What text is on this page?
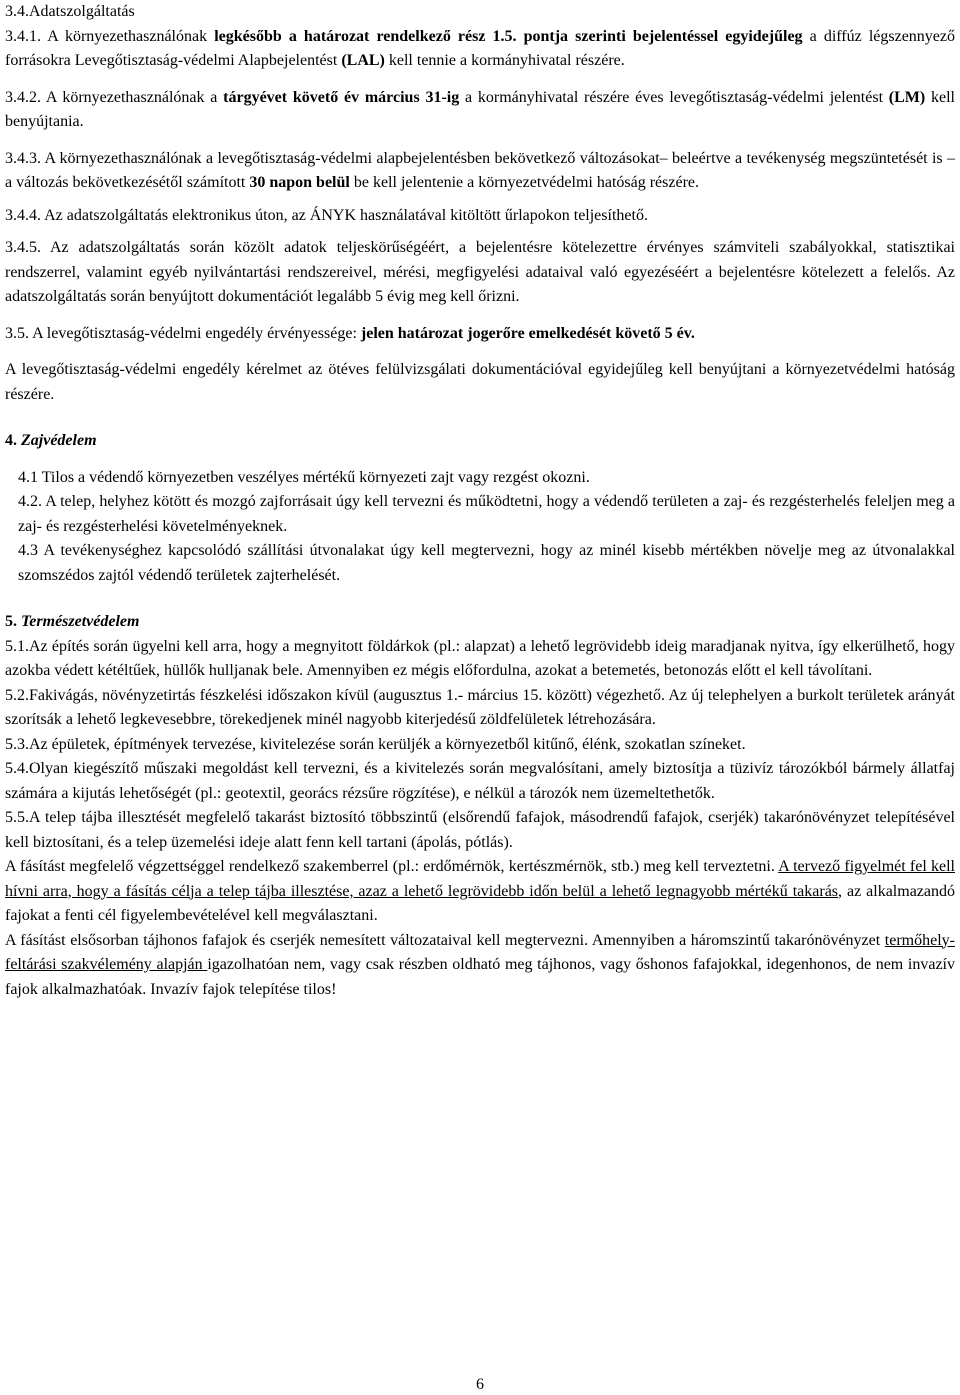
3.4.Adatszolgáltatás

3.4.1. A környezethasználónak legkésőbb a határozat rendelkező rész 1.5. pontja szerinti bejelentéssel egyidejűleg a diffúz légszennyező forrásokra Levegőtisztaság-védelmi Alapbejelentést (LAL) kell tennie a kormányhivatal részére.

3.4.2. A környezethasználónak a tárgyévet követő év március 31-ig a kormányhivatal részére éves levegőtisztaság-védelmi jelentést (LM) kell benyújtania.

3.4.3. A környezethasználónak a levegőtisztaság-védelmi alapbejelentésben bekövetkező változásokat– beleértve a tevékenység megszüntetését is – a változás bekövetkezésétől számított 30 napon belül be kell jelentenie a környezetvédelmi hatóság részére.

3.4.4. Az adatszolgáltatás elektronikus úton, az ÁNYK használatával kitöltött űrlapokon teljesíthető.

3.4.5. Az adatszolgáltatás során közölt adatok teljeskörűségéért, a bejelentésre kötelezettre érvényes számviteli szabályokkal, statisztikai rendszerrel, valamint egyéb nyilvántartási rendszereivel, mérési, megfigyelési adataival való egyezéséért a bejelentésre kötelezett a felelős. Az adatszolgáltatás során benyújtott dokumentációt legalább 5 évig meg kell őrizni.

3.5. A levegőtisztaság-védelmi engedély érvényessége: jelen határozat jogerőre emelkedését követő 5 év.

A levegőtisztaság-védelmi engedély kérelmet az ötéves felülvizsgálati dokumentációval egyidejűleg kell benyújtani a környezetvédelmi hatóság részére.

4. Zajvédelem

4.1 Tilos a védendő környezetben veszélyes mértékű környezeti zajt vagy rezgést okozni.

4.2. A telep, helyhez kötött és mozgó zajforrásait úgy kell tervezni és működtetni, hogy a védendő területen a zaj- és rezgésterhelés feleljen meg a zaj- és rezgésterhelési követelményeknek.

4.3 A tevékenységhez kapcsolódó szállítási útvonalakat úgy kell megtervezni, hogy az minél kisebb mértékben növelje meg az útvonalakkal szomszédos zajtól védendő területek zajterhelését.

5. Természetvédelem

5.1.Az építés során ügyelni kell arra, hogy a megnyitott földárkok (pl.: alapzat) a lehető legrövidebb ideig maradjanak nyitva, így elkerülhető, hogy azokba védett kétéltűek, hüllők hulljanak bele. Amennyiben ez mégis előfordulna, azokat a betemetés, betonozás előtt el kell távolítani.

5.2.Fakivágás, növényzetirtás fészkelési időszakon kívül (augusztus 1.- március 15. között) végezhető. Az új telephelyen a burkolt területek arányát szorítsák a lehető legkevesebbre, törekedjenek minél nagyobb kiterjedésű zöldfelületek létrehozására.

5.3.Az épületek, építmények tervezése, kivitelezése során kerüljék a környezetből kitűnő, élénk, szokatlan színeket.

5.4.Olyan kiegészítő műszaki megoldást kell tervezni, és a kivitelezés során megvalósítani, amely biztosítja a tüzivíz tározókból bármely állatfaj számára a kijutás lehetőségét (pl.: geotextil, georács rézsűre rögzítése), e nélkül a tározók nem üzemeltethetők.

5.5.A telep tájba illesztését megfelelő takarást biztosító többszintű (elsőrendű fafajok, másodrendű fafajok, cserjék) takarónövényzet telepítésével kell biztosítani, és a telep üzemelési ideje alatt fenn kell tartani (ápolás, pótlás).

A fásítást megfelelő végzettséggel rendelkező szakemberrel (pl.: erdőmérnök, kertészmérnök, stb.) meg kell terveztetni. A tervező figyelmét fel kell hívni arra, hogy a fásítás célja a telep tájba illesztése, azaz a lehető legrövidebb időn belül a lehető legnagyobb mértékű takarás, az alkalmazandó fajokat a fenti cél figyelembevételével kell megválasztani.

A fásítást elsősorban tájhonos fafajok és cserjék nemesített változataival kell megtervezni. Amennyiben a háromszintű takarónövényzet termőhely-feltárási szakvélemény alapján igazolhatóan nem, vagy csak részben oldható meg tájhonos, vagy őshonos fafajokkal, idegenhonos, de nem invazív fajok alkalmazhatóak. Invazív fajok telepítése tilos!

6
